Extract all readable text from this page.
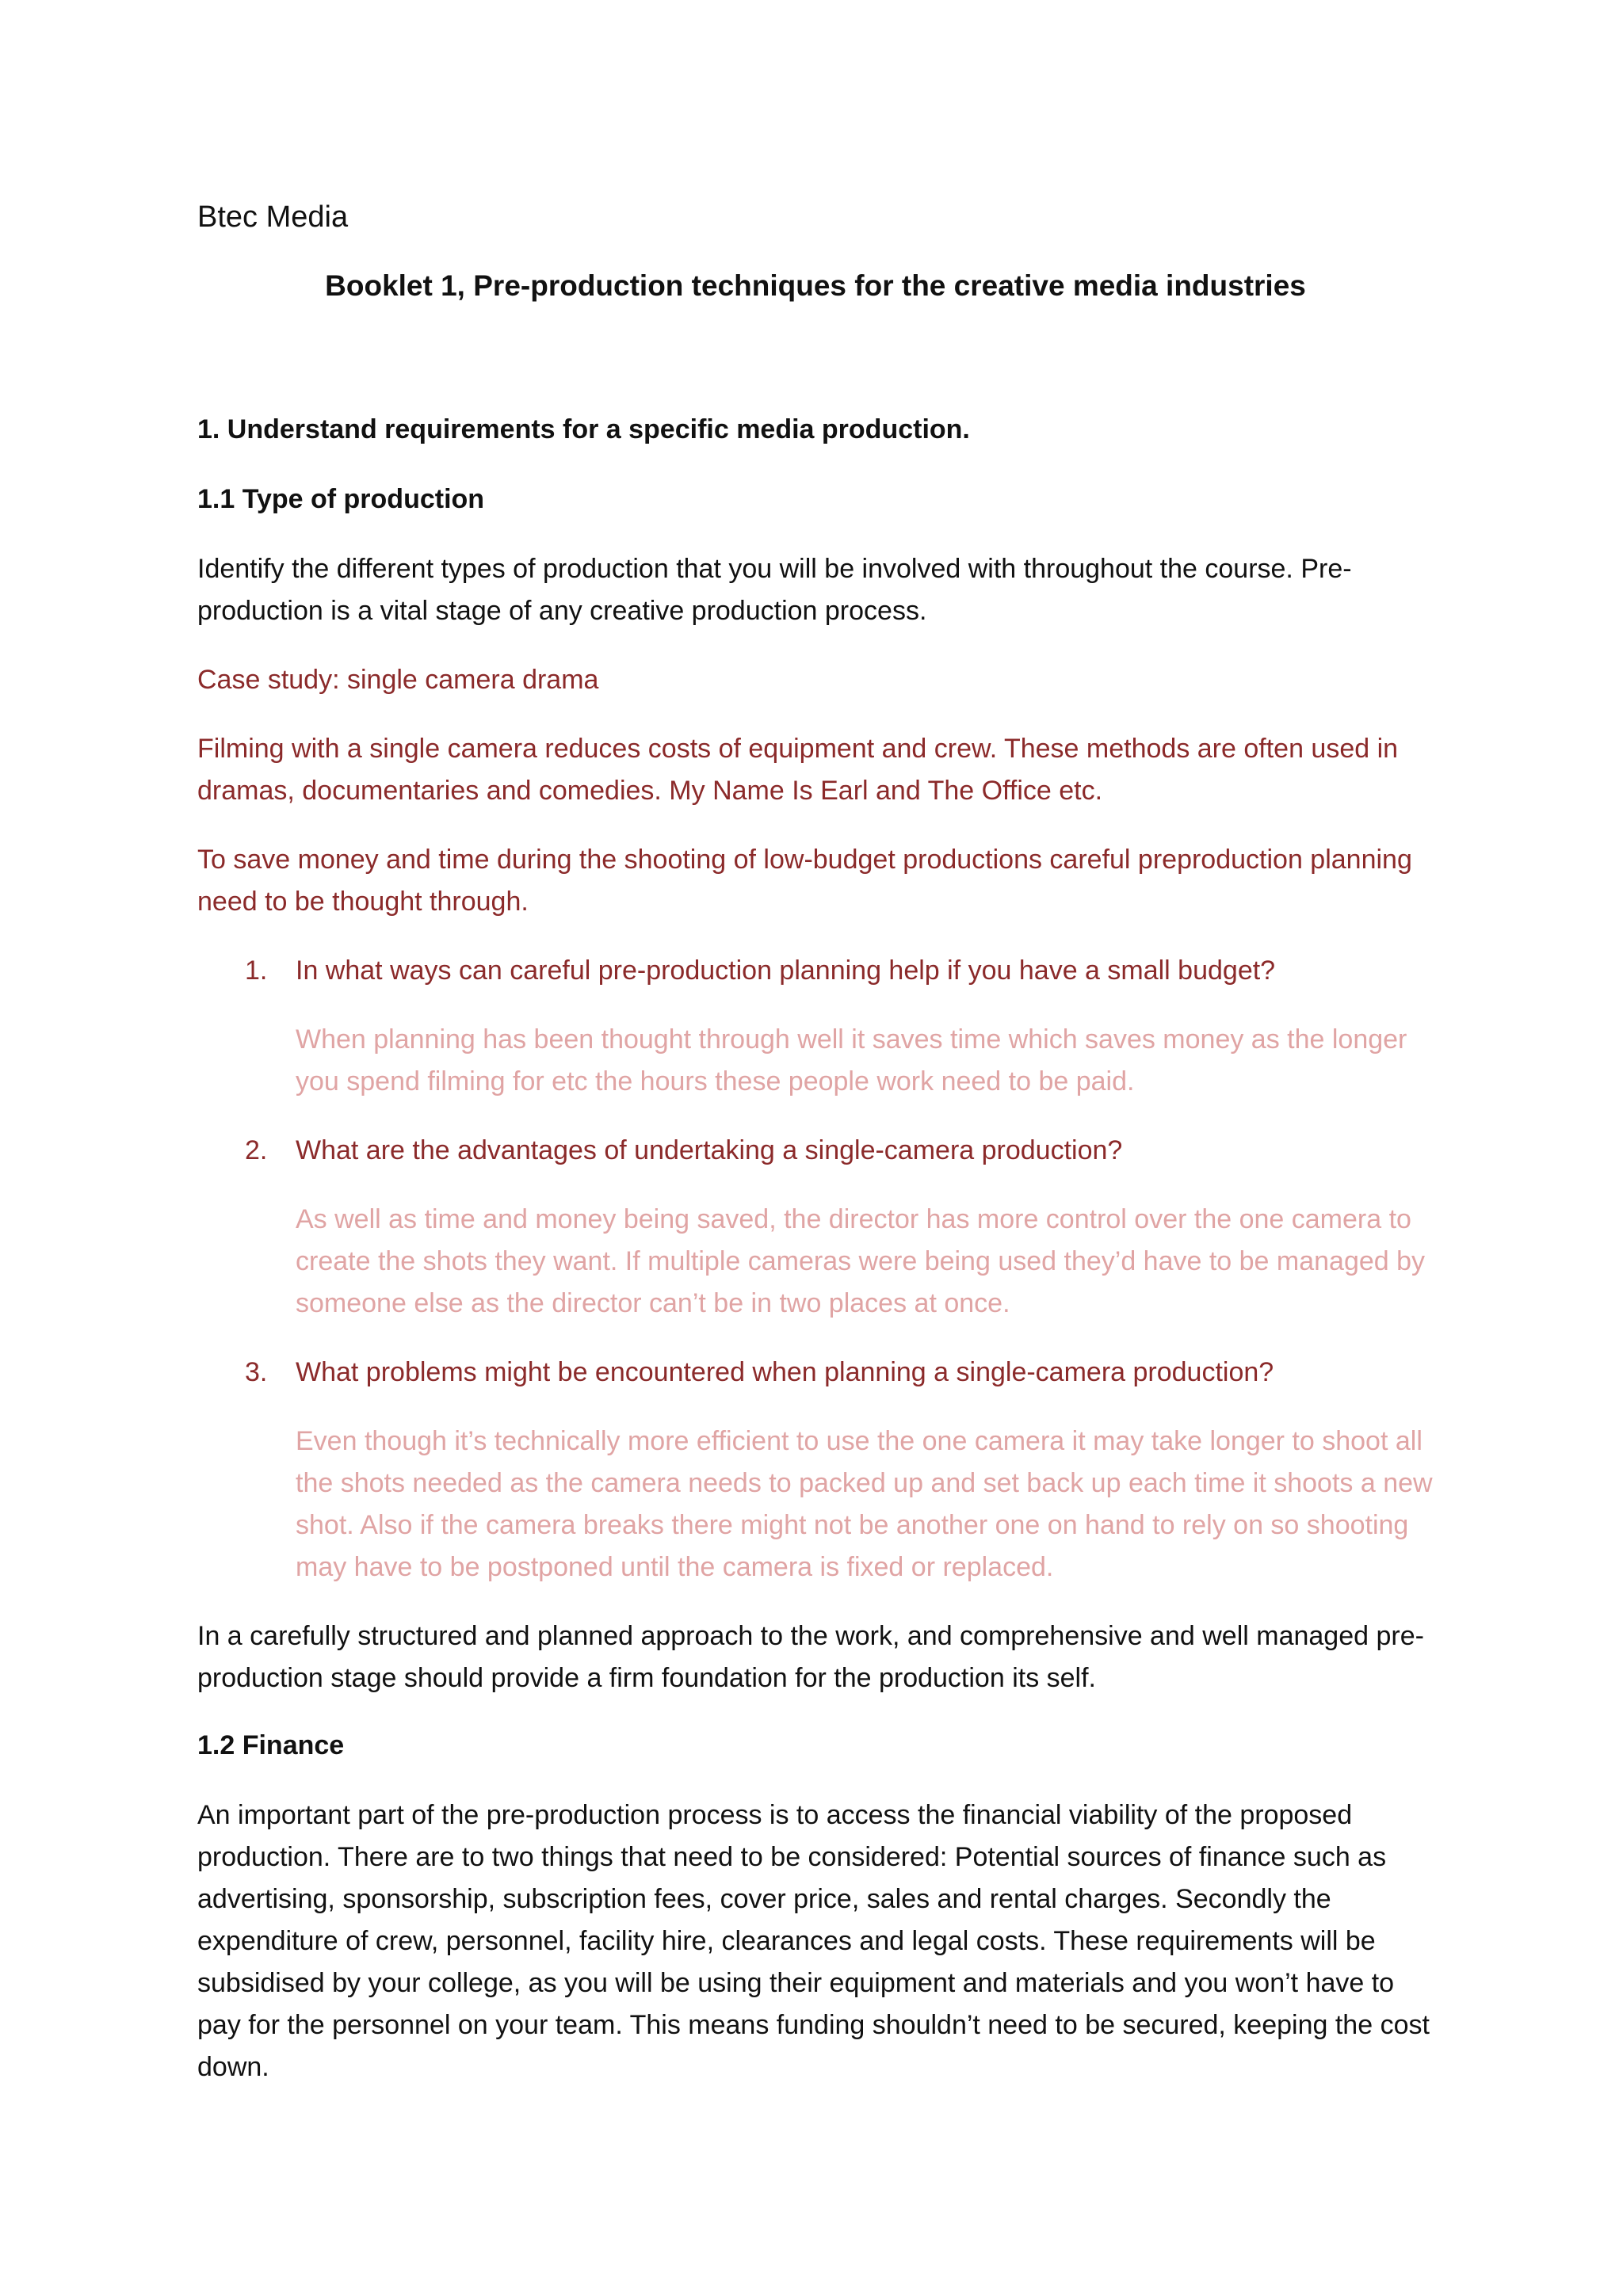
Btec Media
Booklet 1, Pre-production techniques for the creative media industries
1. Understand requirements for a specific media production.
1.1 Type of production
Identify the different types of production that you will be involved with throughout the course. Pre-production is a vital stage of any creative production process.
Case study: single camera drama
Filming with a single camera reduces costs of equipment and crew. These methods are often used in dramas, documentaries and comedies. My Name Is Earl and The Office etc.
To save money and time during the shooting of low-budget productions careful preproduction planning need to be thought through.
1.	In what ways can careful pre-production planning help if you have a small budget?
When planning has been thought through well it saves time which saves money as the longer you spend filming for etc the hours these people work need to be paid.
2.	What are the advantages of undertaking a single-camera production?
As well as time and money being saved, the director has more control over the one camera to create the shots they want. If multiple cameras were being used they’d have to be managed by someone else as the director can’t be in two places at once.
3.	What problems might be encountered when planning a single-camera production?
Even though it’s technically more efficient to use the one camera it may take longer to shoot all the shots needed as the camera needs to packed up and set back up each time it shoots a new shot. Also if the camera breaks there might not be another one on hand to rely on so shooting may have to be postponed until the camera is fixed or replaced.
In a carefully structured and planned approach to the work, and comprehensive and well managed pre-production stage should provide a firm foundation for the production its self.
1.2 Finance
An important part of the pre-production process is to access the financial viability of the proposed production. There are to two things that need to be considered: Potential sources of finance such as advertising, sponsorship, subscription fees, cover price, sales and rental charges. Secondly the expenditure of crew, personnel, facility hire, clearances and legal costs. These requirements will be subsidised by your college, as you will be using their equipment and materials and you won’t have to pay for the personnel on your team. This means funding shouldn’t need to be secured, keeping the cost down.
